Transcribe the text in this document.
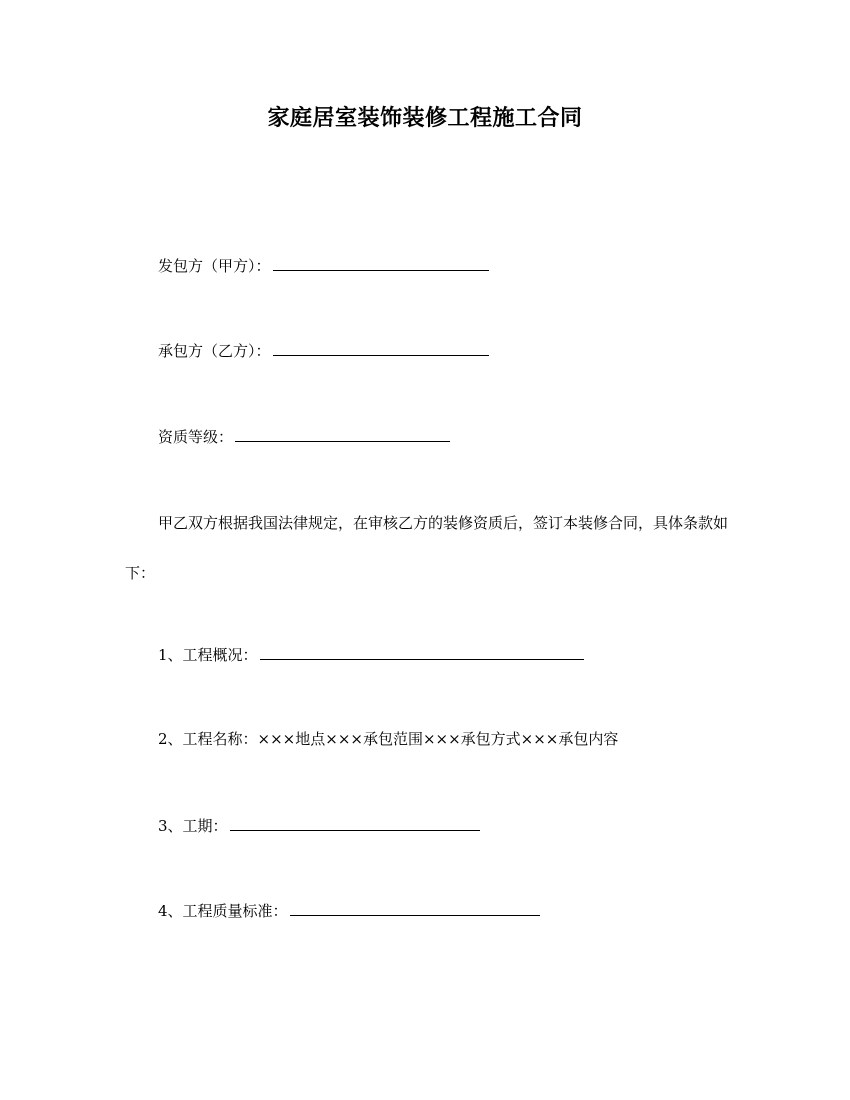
家庭居室装饰装修工程施工合同
发包方（甲方）：
承包方（乙方）：
资质等级：
甲乙双方根据我国法律规定，在审核乙方的装修资质后，签订本装修合同，具体条款如下：
1、工程概况：
2、工程名称：×××地点×××承包范围×××承包方式×××承包内容
3、工期：
4、工程质量标准：
